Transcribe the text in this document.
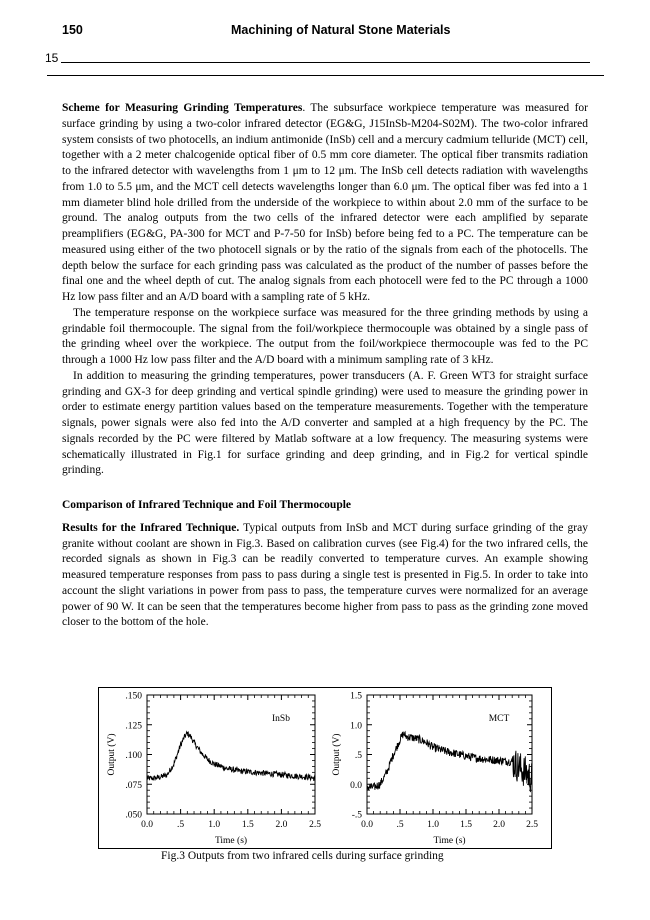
150	Machining of Natural Stone Materials
15

Scheme for Measuring Grinding Temperatures. The subsurface workpiece temperature was measured for surface grinding by using a two-color infrared detector (EG&G, J15InSb-M204-S02M). The two-color infrared system consists of two photocells, an indium antimonide (InSb) cell and a mercury cadmium telluride (MCT) cell, together with a 2 meter chalcogenide optical fiber of 0.5 mm core diameter. The optical fiber transmits radiation to the infrared detector with wavelengths from 1 μm to 12 μm. The InSb cell detects radiation with wavelengths from 1.0 to 5.5 μm, and the MCT cell detects wavelengths longer than 6.0 μm. The optical fiber was fed into a 1 mm diameter blind hole drilled from the underside of the workpiece to within about 2.0 mm of the surface to be ground. The analog outputs from the two cells of the infrared detector were each amplified by separate preamplifiers (EG&G, PA-300 for MCT and P-7-50 for InSb) before being fed to a PC. The temperature can be measured using either of the two photocell signals or by the ratio of the signals from each of the photocells. The depth below the surface for each grinding pass was calculated as the product of the number of passes before the final one and the wheel depth of cut. The analog signals from each photocell were fed to the PC through a 1000 Hz low pass filter and an A/D board with a sampling rate of 5 kHz.

The temperature response on the workpiece surface was measured for the three grinding methods by using a grindable foil thermocouple. The signal from the foil/workpiece thermocouple was obtained by a single pass of the grinding wheel over the workpiece. The output from the foil/workpiece thermocouple was fed to the PC through a 1000 Hz low pass filter and the A/D board with a minimum sampling rate of 3 kHz.

In addition to measuring the grinding temperatures, power transducers (A. F. Green WT3 for straight surface grinding and GX-3 for deep grinding and vertical spindle grinding) were used to measure the grinding power in order to estimate energy partition values based on the temperature measurements. Together with the temperature signals, power signals were also fed into the A/D converter and sampled at a high frequency by the PC. The signals recorded by the PC were filtered by Matlab software at a low frequency. The measuring systems were schematically illustrated in Fig.1 for surface grinding and deep grinding, and in Fig.2 for vertical spindle grinding.

Comparison of Infrared Technique and Foil Thermocouple

Results for the Infrared Technique. Typical outputs from InSb and MCT during surface grinding of the gray granite without coolant are shown in Fig.3. Based on calibration curves (see Fig.4) for the two infrared cells, the recorded signals as shown in Fig.3 can be readily converted to temperature curves. An example showing measured temperature responses from pass to pass during a single test is presented in Fig.5. In order to take into account the slight variations in power from pass to pass, the temperature curves were normalized for an average power of 90 W. It can be seen that the temperatures become higher from pass to pass as the grinding zone moved closer to the bottom of the hole.

0.0	.5	1.0 1.5 2.0 2.5
.050
.075
.100
.125
.150
Time (s)
Output (V)
InSb
0.0 .5 1.0 1.5 2.0 2.5
-.5
0.0
.5
1.0
1.5
Time (s)
Output (V)
MCT
Fig.3 Outputs from two infrared cells during surface grinding
